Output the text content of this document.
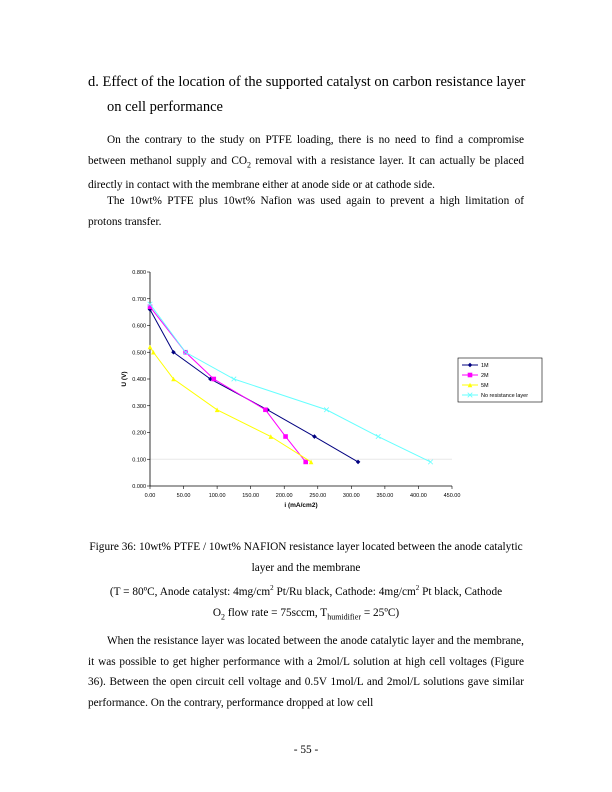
d. Effect of the location of the supported catalyst on carbon resistance layer
on cell performance
On the contrary to the study on PTFE loading, there is no need to find a compromise between methanol supply and $CO_2$ removal with a resistance layer. It can actually be placed directly in contact with the membrane either at anode side or at cathode side.
The 10wt% PTFE plus 10wt% Nafion was used again to prevent a high limitation of protons transfer.
0.000
0.100
0.200
0.300
0.400
0.500
0.600
0.700
0.800
0.00	50.00	100.00	150.00	200.00	250.00	300.00	350.00	400.00	450.00
i (mA/cm2)
U (V)
1M
2M
5M
No resistance layer
Figure 36: 10wt% PTFE / 10wt% NAFION resistance layer located between the anode catalytic layer and the membrane
(T = 80ºC, Anode catalyst: $4mg/cm^2$ Pt/Ru black, Cathode: $4mg/cm^2$ Pt black, Cathode
$O_2$ flow rate = 75sccm, $T_{humidifier}$ = 25ºC)
When the resistance layer was located between the anode catalytic layer and the membrane, it was possible to get higher performance with a 2mol/L solution at high cell voltages (Figure 36). Between the open circuit cell voltage and 0.5V 1mol/L and 2mol/L solutions gave similar performance. On the contrary, performance dropped at low cell
- 55 -
